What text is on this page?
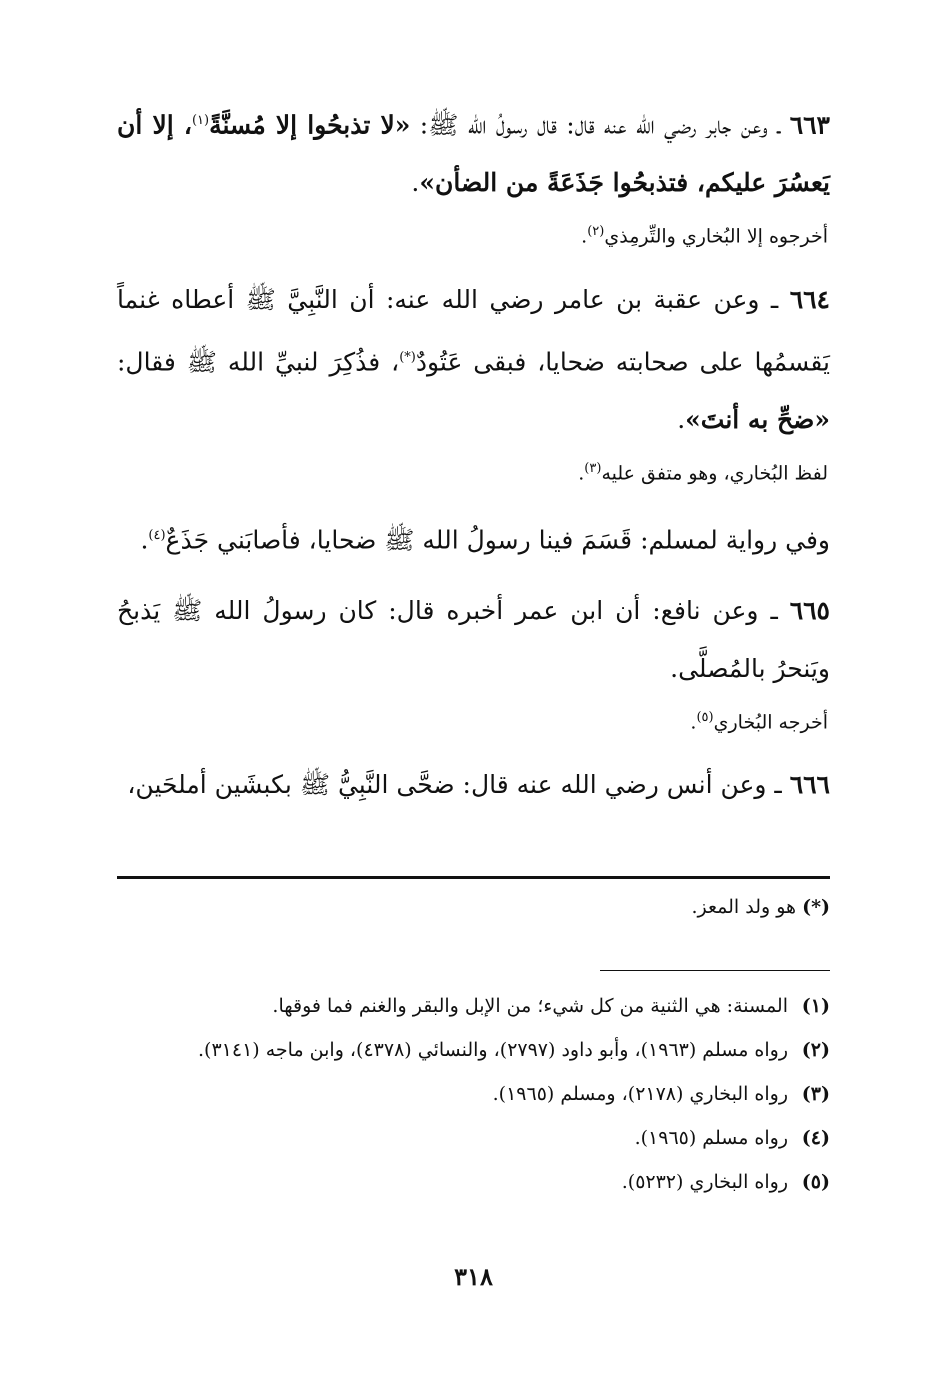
٦٦٣ ـ وعن جابر رضي الله عنه قال: قال رسولُ الله ﷺ: «لا تذبحُوا إلا مُسنَّةً$^{(١)}$، إلا أن يَعسُرَ عليكم، فتذبحُوا جَذَعَةً من الضأن».

أخرجوه إلا البُخاري والتِّرمِذي$^{(٢)}$.

٦٦٤ ـ وعن عقبة بن عامر رضي الله عنه: أن النَّبِيَّ ﷺ أعطاه غنماً يَقسمُها على صحابته ضحايا، فبقى عَتُودٌ(*)، فذُكِرَ لنبيِّ الله ﷺ فقال: «ضحِّ به أنتَ».

لفظ البُخاري، وهو متفق عليه$^{(٣)}$.

وفي رواية لمسلم: قَسَمَ فينا رسولُ الله ﷺ ضحايا، فأصابَني جَذَعٌ$^{(٤)}$.

٦٦٥ ـ وعن نافع: أن ابن عمر أخبره قال: كان رسولُ الله ﷺ يَذبحُ ويَنحرُ بالمُصلَّى.

أخرجه البُخاري$^{(٥)}$.

٦٦٦ ـ وعن أنس رضي الله عنه قال: ضحَّى النَّبِيُّ ﷺ بكبشَين أملحَين،

(*) هو ولد المعز.
(١)
المسنة: هي الثنية من كل شيء؛ من الإبل والبقر والغنم فما فوقها.
(٢)
رواه مسلم (١٩٦٣)، وأبو داود (٢٧٩٧)، والنسائي (٤٣٧٨)، وابن ماجه (٣١٤١).
(٣)
رواه البخاري (٢١٧٨)، ومسلم (١٩٦٥).
(٤)
رواه مسلم (١٩٦٥).
(٥)
رواه البخاري (٥٢٣٢).
٣١٨
